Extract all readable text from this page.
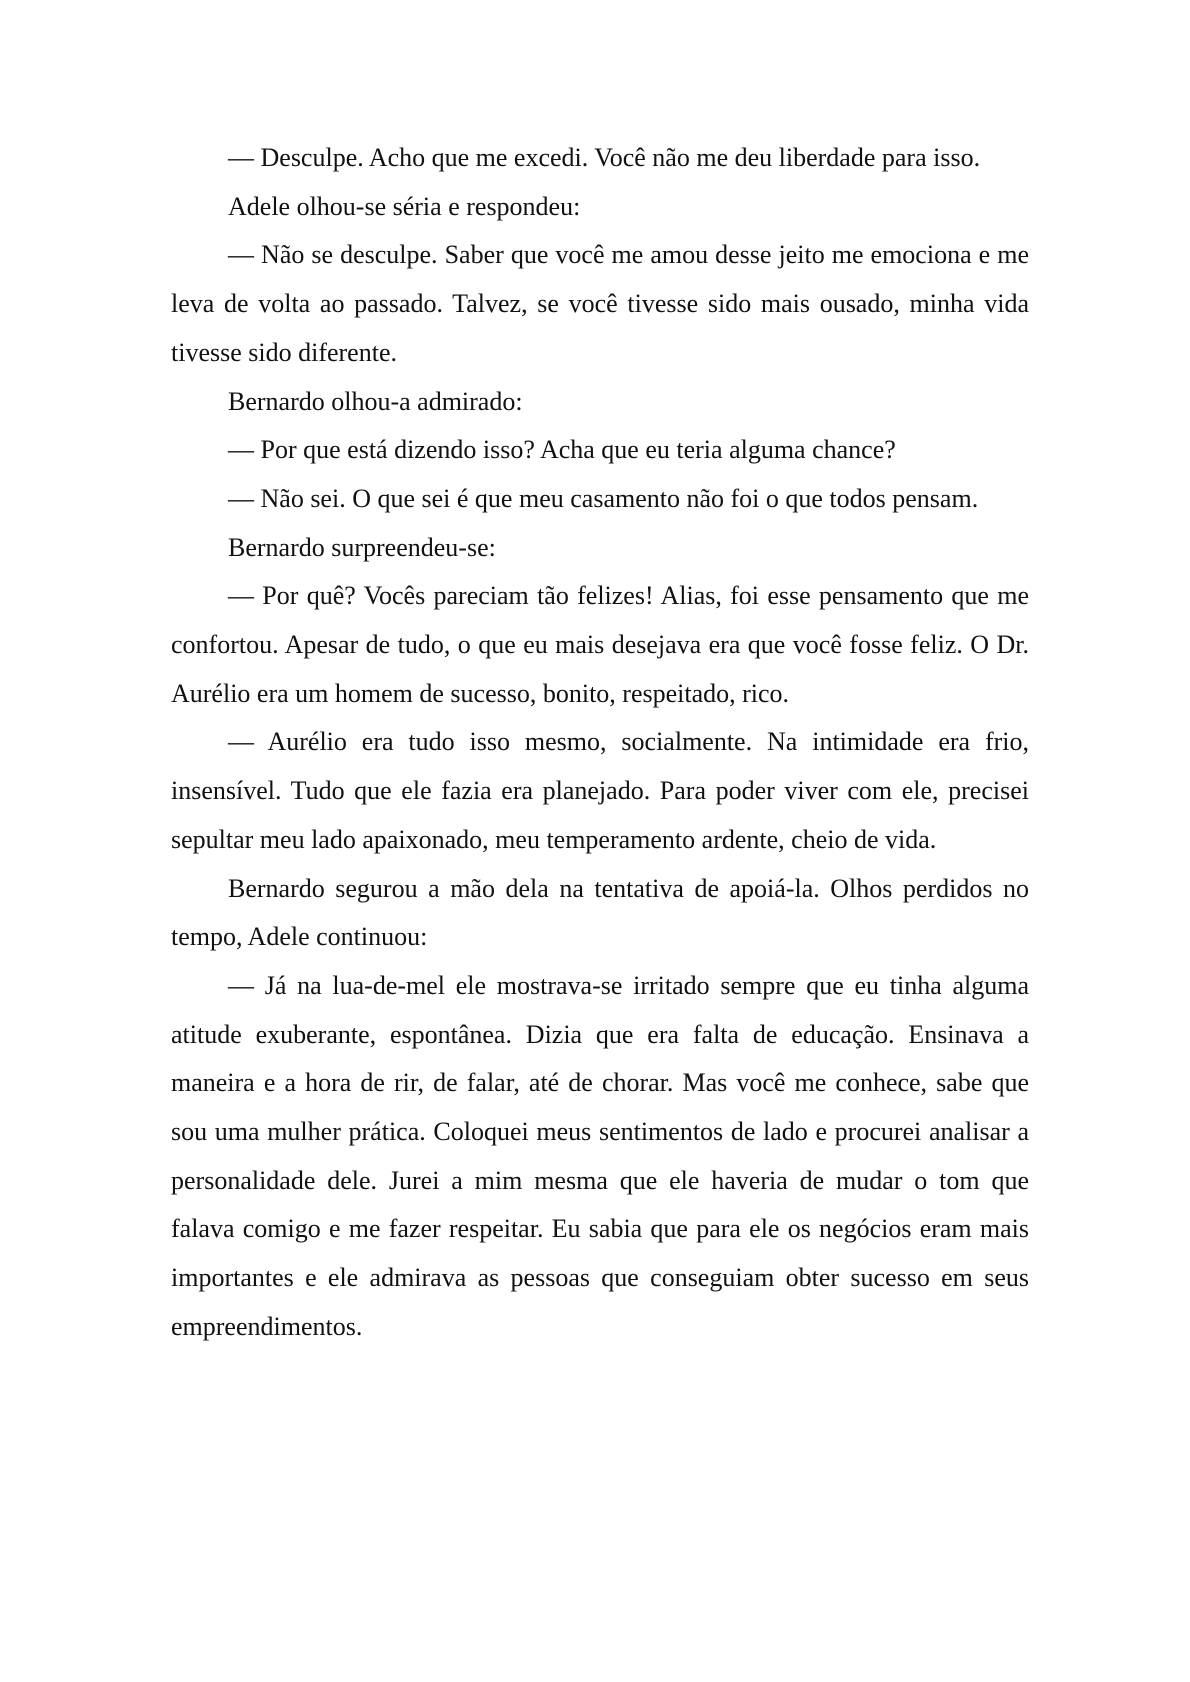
— Desculpe. Acho que me excedi. Você não me deu liberdade para isso.

Adele olhou-se séria e respondeu:

— Não se desculpe. Saber que você me amou desse jeito me emociona e me leva de volta ao passado. Talvez, se você tivesse sido mais ousado, minha vida tivesse sido diferente.

Bernardo olhou-a admirado:

— Por que está dizendo isso? Acha que eu teria alguma chance?

— Não sei. O que sei é que meu casamento não foi o que todos pensam.

Bernardo surpreendeu-se:

— Por quê? Vocês pareciam tão felizes! Alias, foi esse pensamento que me confortou. Apesar de tudo, o que eu mais desejava era que você fosse feliz. O Dr. Aurélio era um homem de sucesso, bonito, respeitado, rico.

— Aurélio era tudo isso mesmo, socialmente. Na intimidade era frio, insensível. Tudo que ele fazia era planejado. Para poder viver com ele, precisei sepultar meu lado apaixonado, meu temperamento ardente, cheio de vida.

Bernardo segurou a mão dela na tentativa de apoiá-la. Olhos perdidos no tempo, Adele continuou:

— Já na lua-de-mel ele mostrava-se irritado sempre que eu tinha alguma atitude exuberante, espontânea. Dizia que era falta de educação. Ensinava a maneira e a hora de rir, de falar, até de chorar. Mas você me conhece, sabe que sou uma mulher prática. Coloquei meus sentimentos de lado e procurei analisar a personalidade dele. Jurei a mim mesma que ele haveria de mudar o tom que falava comigo e me fazer respeitar. Eu sabia que para ele os negócios eram mais importantes e ele admirava as pessoas que conseguiam obter sucesso em seus empreendimentos.
